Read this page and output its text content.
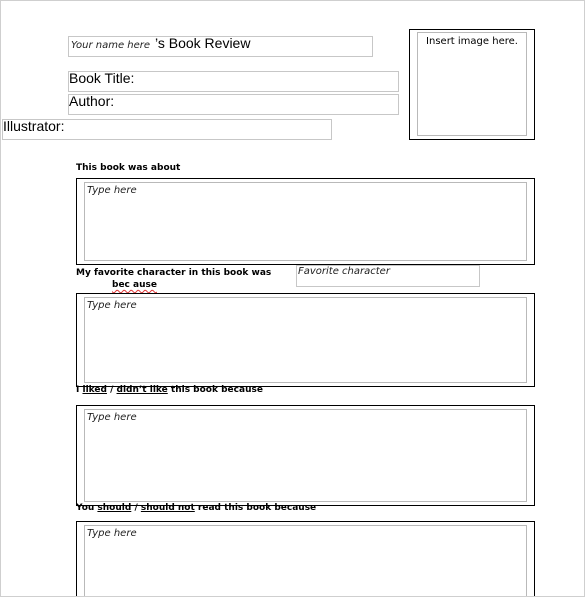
Your name here ’s Book Review
Book Title:
Author:
Illustrator:
Insert image here.
This book was about
Type here
My favorite character in this book was
bec ause
Favorite character
Type here
I liked / didn’t like this book because
Type here
You should / should not read this book because
Type here
